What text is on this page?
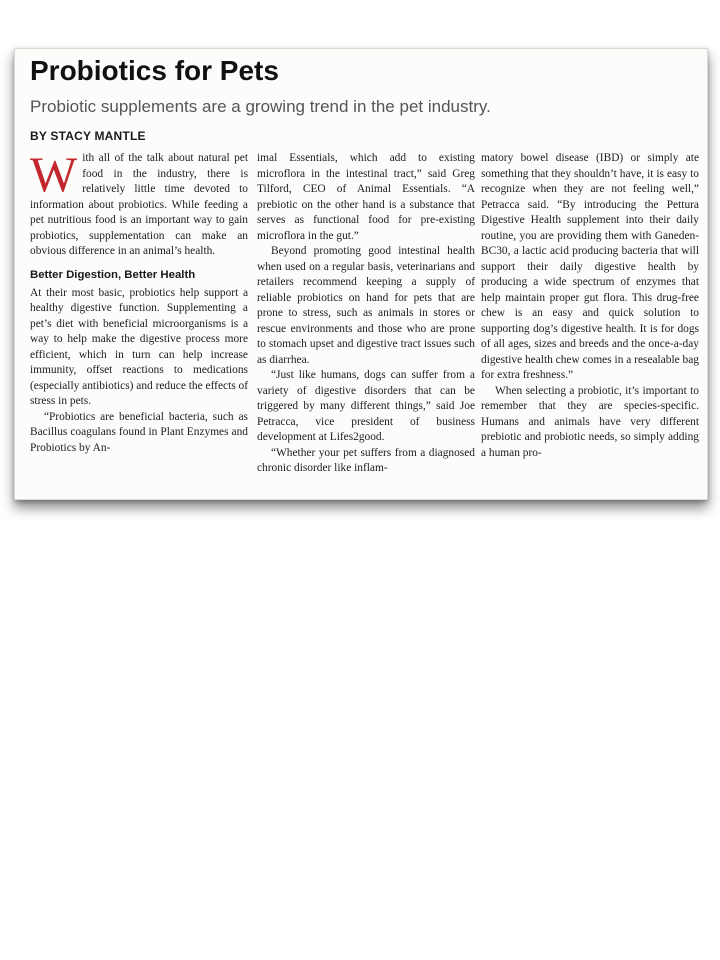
Probiotics for Pets

Probiotic supplements are a growing trend in the pet industry.

BY STACY MANTLE

With all of the talk about natural pet food in the industry, there is relatively little time devoted to information about probiotics. While feeding a pet nutritious food is an important way to gain probiotics, supplementation can make an obvious difference in an animal’s health.

Better Digestion, Better Health

At their most basic, probiotics help support a healthy digestive function. Supplementing a pet’s diet with beneficial microorganisms is a way to help make the digestive process more efficient, which in turn can help increase immunity, offset reactions to medications (especially antibiotics) and reduce the effects of stress in pets.

“Probiotics are beneficial bacteria, such as Bacillus coagulans found in Plant Enzymes and Probiotics by An-

imal Essentials, which add to existing microflora in the intestinal tract,” said Greg Tilford, CEO of Animal Essentials. “A prebiotic on the other hand is a substance that serves as functional food for pre-existing microflora in the gut.”

Beyond promoting good intestinal health when used on a regular basis, veterinarians and retailers recommend keeping a supply of reliable probiotics on hand for pets that are prone to stress, such as animals in stores or rescue environments and those who are prone to stomach upset and digestive tract issues such as diarrhea.

“Just like humans, dogs can suffer from a variety of digestive disorders that can be triggered by many different things,” said Joe Petracca, vice president of business development at Lifes2good.

“Whether your pet suffers from a diagnosed chronic disorder like inflam-

matory bowel disease (IBD) or simply ate something that they shouldn’t have, it is easy to recognize when they are not feeling well,” Petracca said. “By introducing the Pettura Digestive Health supplement into their daily routine, you are providing them with Ganeden-BC30, a lactic acid producing bacteria that will support their daily digestive health by producing a wide spectrum of enzymes that help maintain proper gut flora. This drug-free chew is an easy and quick solution to supporting dog’s digestive health. It is for dogs of all ages, sizes and breeds and the once-a-day digestive health chew comes in a resealable bag for extra freshness.”

When selecting a probiotic, it’s important to remember that they are species-specific. Humans and animals have very different prebiotic and probiotic needs, so simply adding a human pro-
